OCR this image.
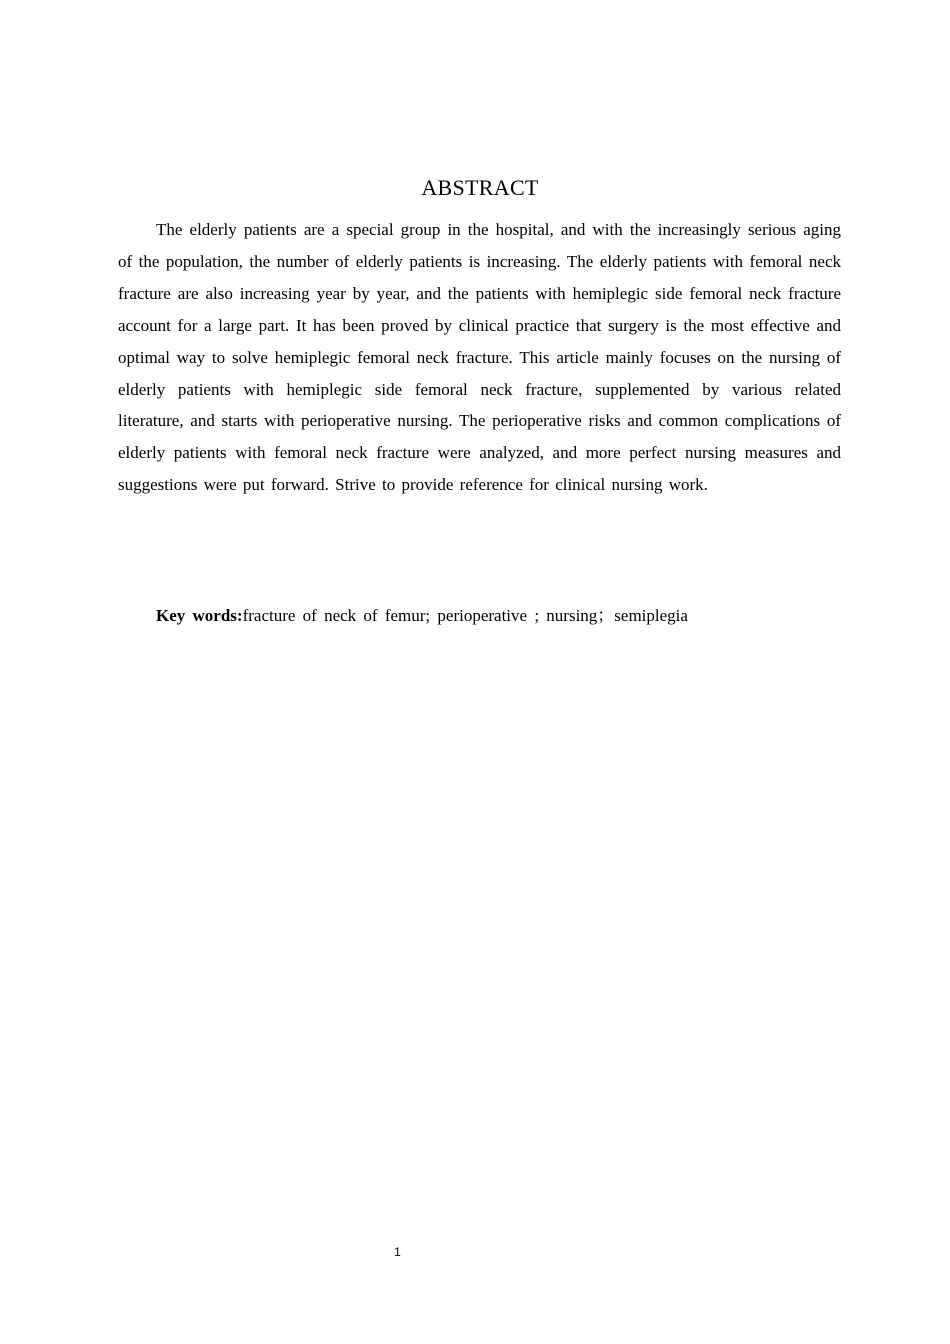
ABSTRACT

The elderly patients are a special group in the hospital, and with the increasingly serious aging of the population, the number of elderly patients is increasing. The elderly patients with femoral neck fracture are also increasing year by year, and the patients with hemiplegic side femoral neck fracture account for a large part. It has been proved by clinical practice that surgery is the most effective and optimal way to solve hemiplegic femoral neck fracture. This article mainly focuses on the nursing of elderly patients with hemiplegic side femoral neck fracture, supplemented by various related literature, and starts with perioperative nursing. The perioperative risks and common complications of elderly patients with femoral neck fracture were analyzed, and more perfect nursing measures and suggestions were put forward. Strive to provide reference for clinical nursing work.

Key words:fracture of neck of femur; perioperative ; nursing；semiplegia
1
